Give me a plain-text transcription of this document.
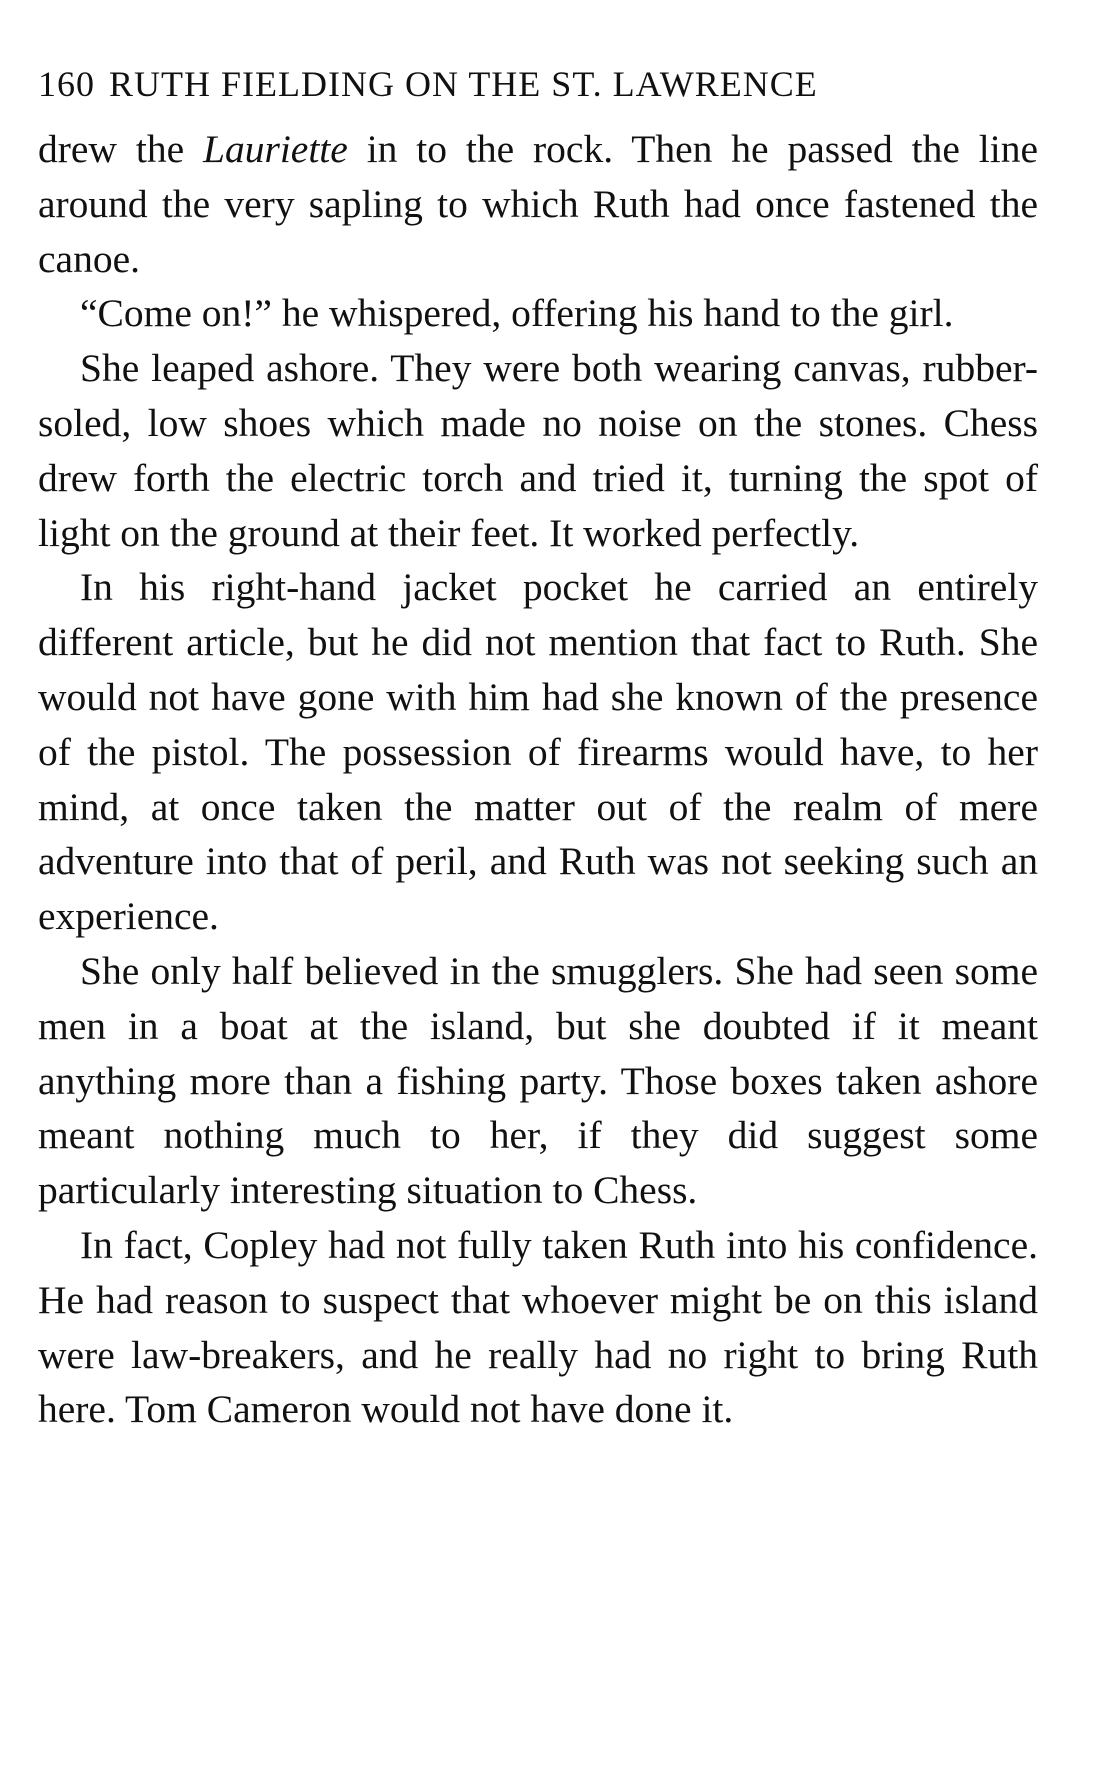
160 RUTH FIELDING ON THE ST. LAWRENCE

drew the Lauriette in to the rock. Then he passed the line around the very sapling to which Ruth had once fastened the canoe.

“Come on!” he whispered, offering his hand to the girl.

She leaped ashore. They were both wearing canvas, rubber-soled, low shoes which made no noise on the stones. Chess drew forth the electric torch and tried it, turning the spot of light on the ground at their feet. It worked perfectly.

In his right-hand jacket pocket he carried an entirely different article, but he did not mention that fact to Ruth. She would not have gone with him had she known of the presence of the pistol. The possession of firearms would have, to her mind, at once taken the matter out of the realm of mere adventure into that of peril, and Ruth was not seeking such an experience.

She only half believed in the smugglers. She had seen some men in a boat at the island, but she doubted if it meant anything more than a fishing party. Those boxes taken ashore meant nothing much to her, if they did suggest some particularly interesting situation to Chess.

In fact, Copley had not fully taken Ruth into his confidence. He had reason to suspect that whoever might be on this island were law-breakers, and he really had no right to bring Ruth here. Tom Cameron would not have done it.
